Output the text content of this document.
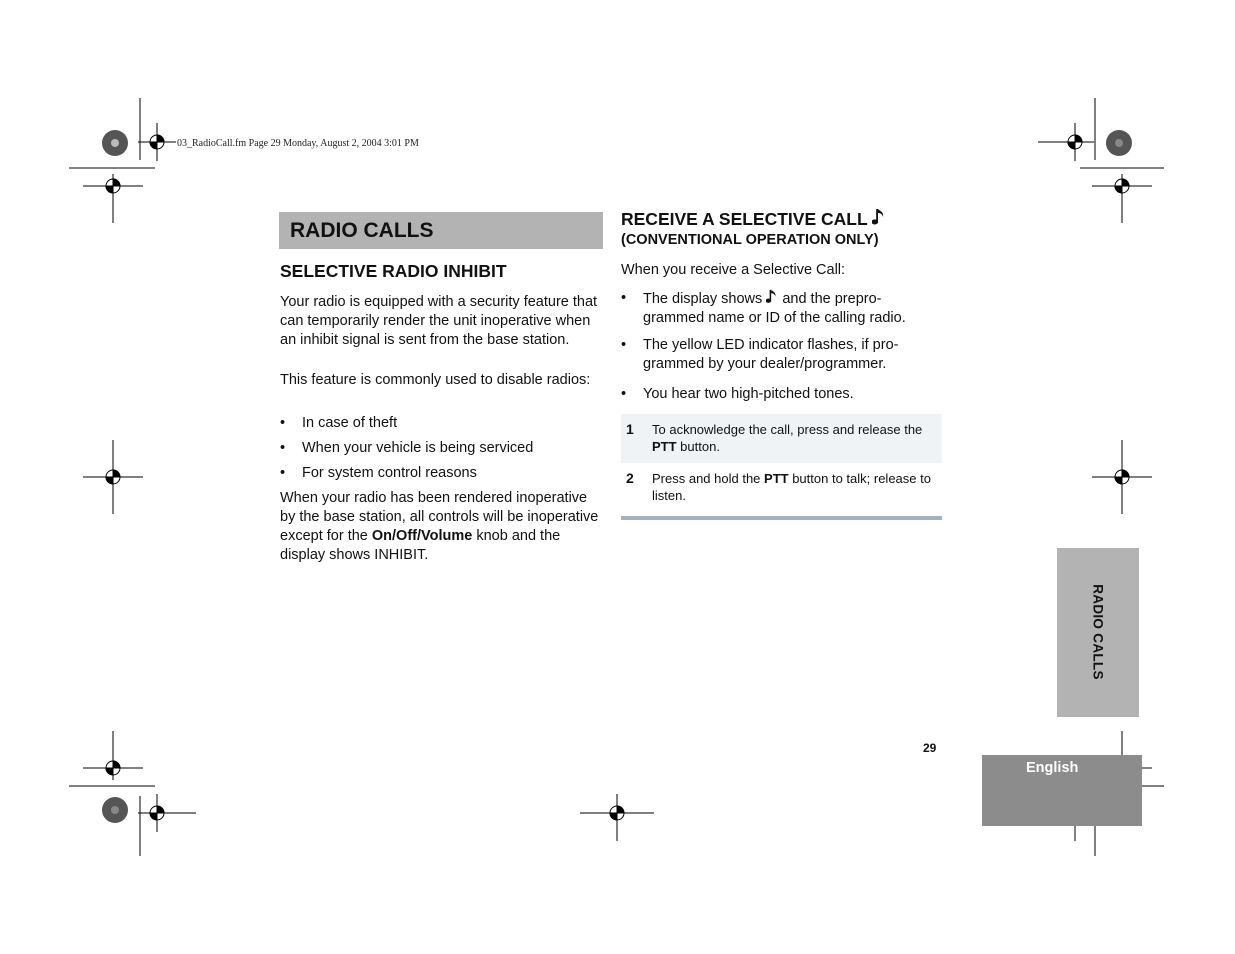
03_RadioCall.fm Page 29 Monday, August 2, 2004 3:01 PM
RADIO CALLS
SELECTIVE RADIO INHIBIT

Your radio is equipped with a security feature that can temporarily render the unit inoperative when an inhibit signal is sent from the base station.

This feature is commonly used to disable radios:

•	In case of theft
•	When your vehicle is being serviced
•	For system control reasons

When your radio has been rendered inoperative by the base station, all controls will be inoperative except for the On/Off/Volume knob and the display shows INHIBIT.

RECEIVE A SELECTIVE CALL
(CONVENTIONAL OPERATION ONLY)

When you receive a Selective Call:

•	The display shows  and the prepro-grammed name or ID of the calling radio.
•	The yellow LED indicator flashes, if pro-grammed by your dealer/programmer.
•	You hear two high-pitched tones.
1	To acknowledge the call, press and release the PTT button.
2	Press and hold the PTT button to talk; release to listen.
RADIO CALLS
29
English
